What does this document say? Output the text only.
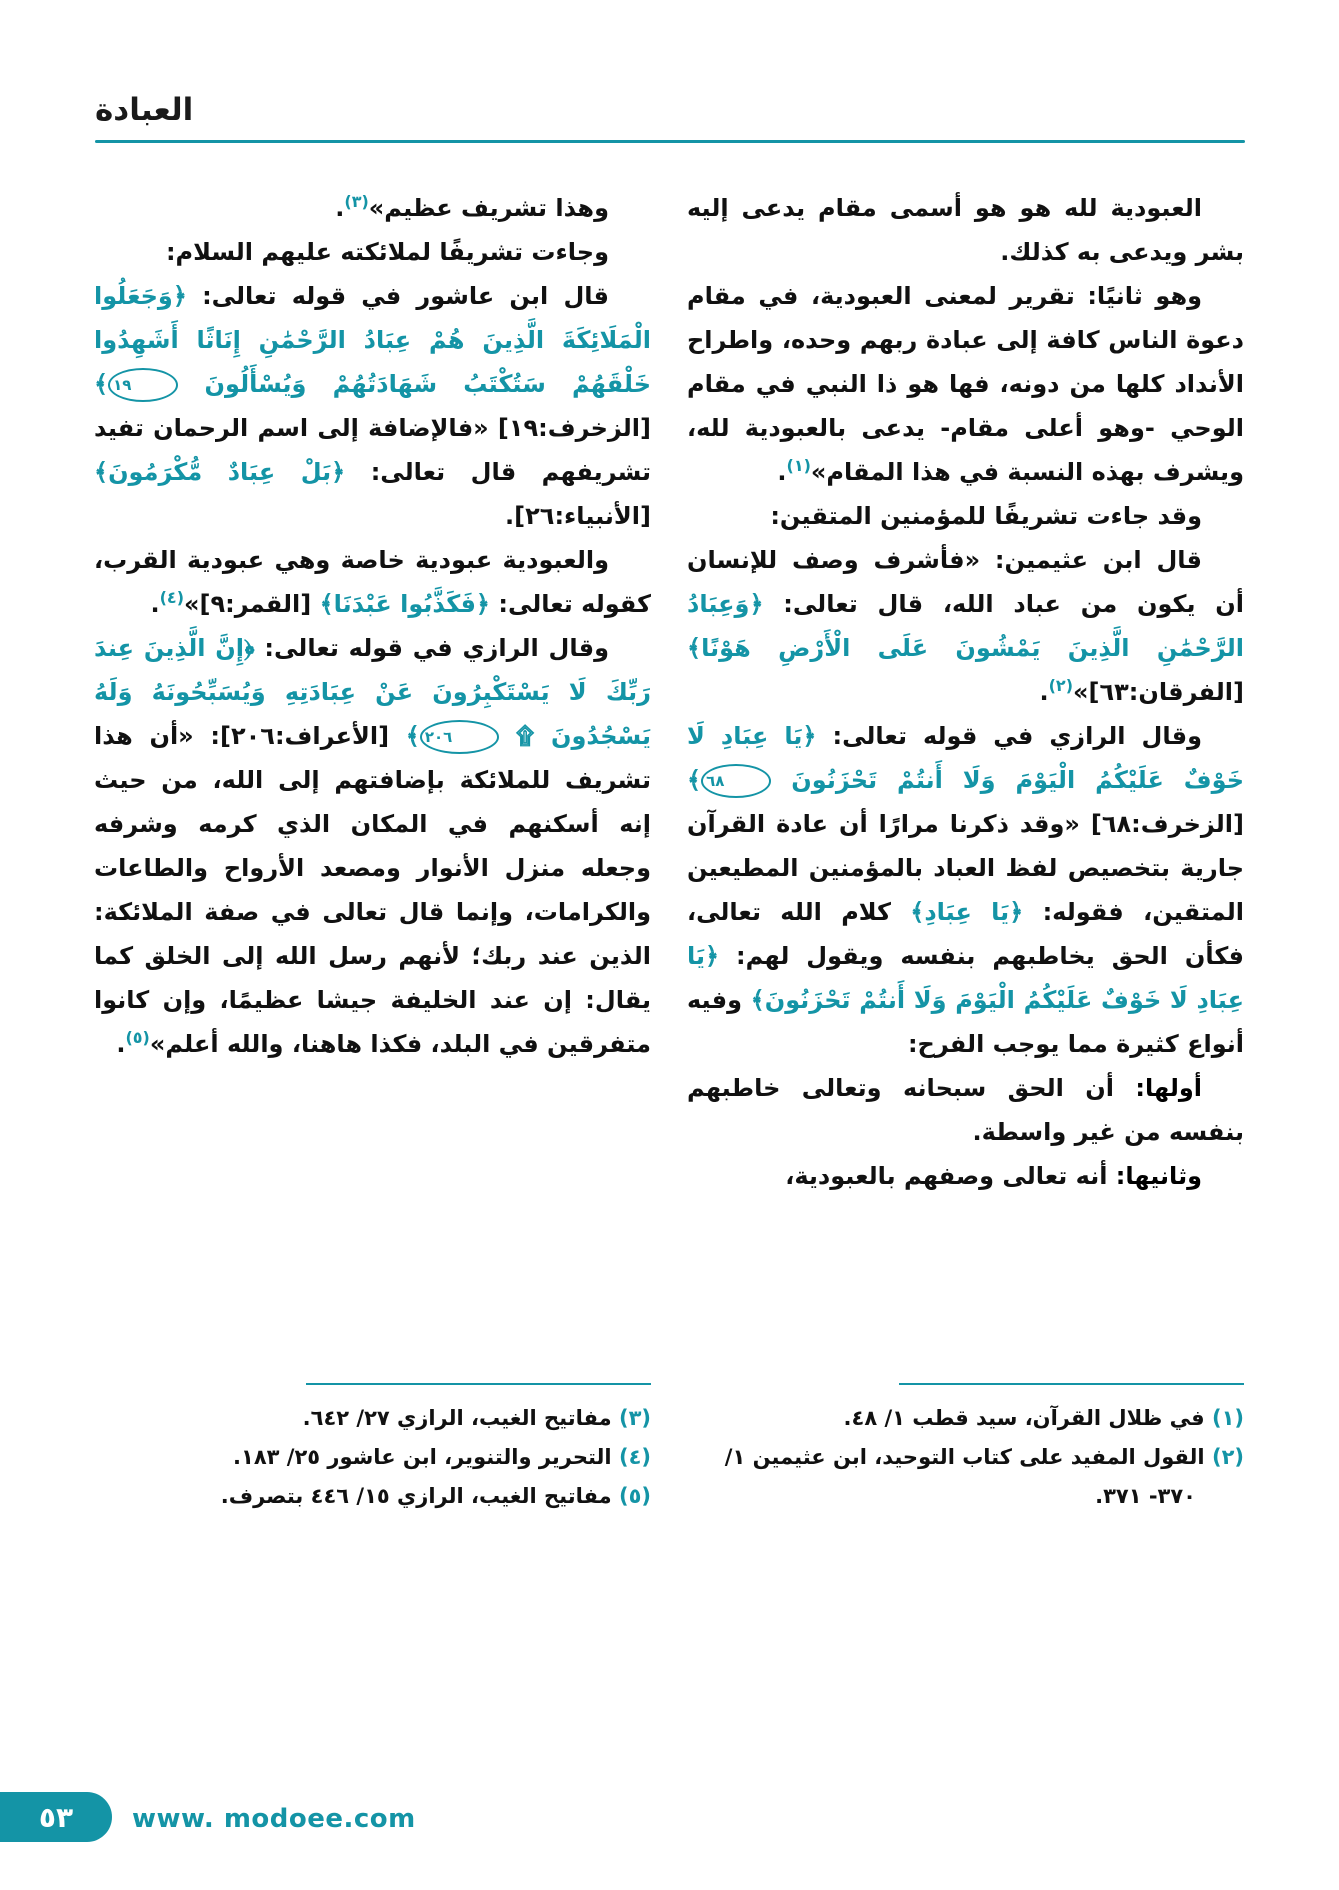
العبادة

العبودية لله هو هو أسمى مقام يدعى إليه بشر ويدعى به كذلك.

وهو ثانيًا: تقرير لمعنى العبودية، في مقام دعوة الناس كافة إلى عبادة ربهم وحده، واطراح الأنداد كلها من دونه، فها هو ذا النبي في مقام الوحي -وهو أعلى مقام- يدعى بالعبودية لله، ويشرف بهذه النسبة في هذا المقام»$^{(١)}$.

وقد جاءت تشريفًا للمؤمنين المتقين:

قال ابن عثيمين: «فأشرف وصف للإنسان أن يكون من عباد الله، قال تعالى: ﴿وَعِبَادُ الرَّحْمَٰنِ الَّذِينَ يَمْشُونَ عَلَى الْأَرْضِ هَوْنًا﴾ [الفرقان:٦٣]»$^{(٢)}$.

وقال الرازي في قوله تعالى: ﴿يَا عِبَادِ لَا خَوْفٌ عَلَيْكُمُ الْيَوْمَ وَلَا أَنتُمْ تَحْزَنُونَ ٦٨﴾ [الزخرف:٦٨] «وقد ذكرنا مرارًا أن عادة القرآن جارية بتخصيص لفظ العباد بالمؤمنين المطيعين المتقين، فقوله: ﴿يَا عِبَادِ﴾ كلام الله تعالى، فكأن الحق يخاطبهم بنفسه ويقول لهم: ﴿يَا عِبَادِ لَا خَوْفٌ عَلَيْكُمُ الْيَوْمَ وَلَا أَنتُمْ تَحْزَنُونَ﴾ وفيه أنواع كثيرة مما يوجب الفرح:

أولها: أن الحق سبحانه وتعالى خاطبهم بنفسه من غير واسطة.

وثانيها: أنه تعالى وصفهم بالعبودية،

(١) في ظلال القرآن، سيد قطب ١/ ٤٨.
(٢) القول المفيد على كتاب التوحيد، ابن عثيمين ١/ ٣٧٠- ٣٧١.

وهذا تشريف عظيم»$^{(٣)}$.

وجاءت تشريفًا لملائكته عليهم السلام:

قال ابن عاشور في قوله تعالى: ﴿وَجَعَلُوا الْمَلَائِكَةَ الَّذِينَ هُمْ عِبَادُ الرَّحْمَٰنِ إِنَاثًا أَشَهِدُوا خَلْقَهُمْ سَتُكْتَبُ شَهَادَتُهُمْ وَيُسْأَلُونَ ١٩﴾ [الزخرف:١٩] «فالإضافة إلى اسم الرحمان تفيد تشريفهم قال تعالى: ﴿بَلْ عِبَادٌ مُّكْرَمُونَ﴾ [الأنبياء:٢٦].

والعبودية عبودية خاصة وهي عبودية القرب، كقوله تعالى: ﴿فَكَذَّبُوا عَبْدَنَا﴾ [القمر:٩]»$^{(٤)}$.

وقال الرازي في قوله تعالى: ﴿إِنَّ الَّذِينَ عِندَ رَبِّكَ لَا يَسْتَكْبِرُونَ عَنْ عِبَادَتِهِ وَيُسَبِّحُونَهُ وَلَهُ يَسْجُدُونَ ۩ ٢٠٦﴾ [الأعراف:٢٠٦]: «أن هذا تشريف للملائكة بإضافتهم إلى الله، من حيث إنه أسكنهم في المكان الذي كرمه وشرفه وجعله منزل الأنوار ومصعد الأرواح والطاعات والكرامات، وإنما قال تعالى في صفة الملائكة: الذين عند ربك؛ لأنهم رسل الله إلى الخلق كما يقال: إن عند الخليفة جيشا عظيمًا، وإن كانوا متفرقين في البلد، فكذا هاهنا، والله أعلم»$^{(٥)}$.

(٣) مفاتيح الغيب، الرازي ٢٧/ ٦٤٢.
(٤) التحرير والتنوير، ابن عاشور ٢٥/ ١٨٣.
(٥) مفاتيح الغيب، الرازي ١٥/ ٤٤٦ بتصرف.
٥٣ www. modoee.com
